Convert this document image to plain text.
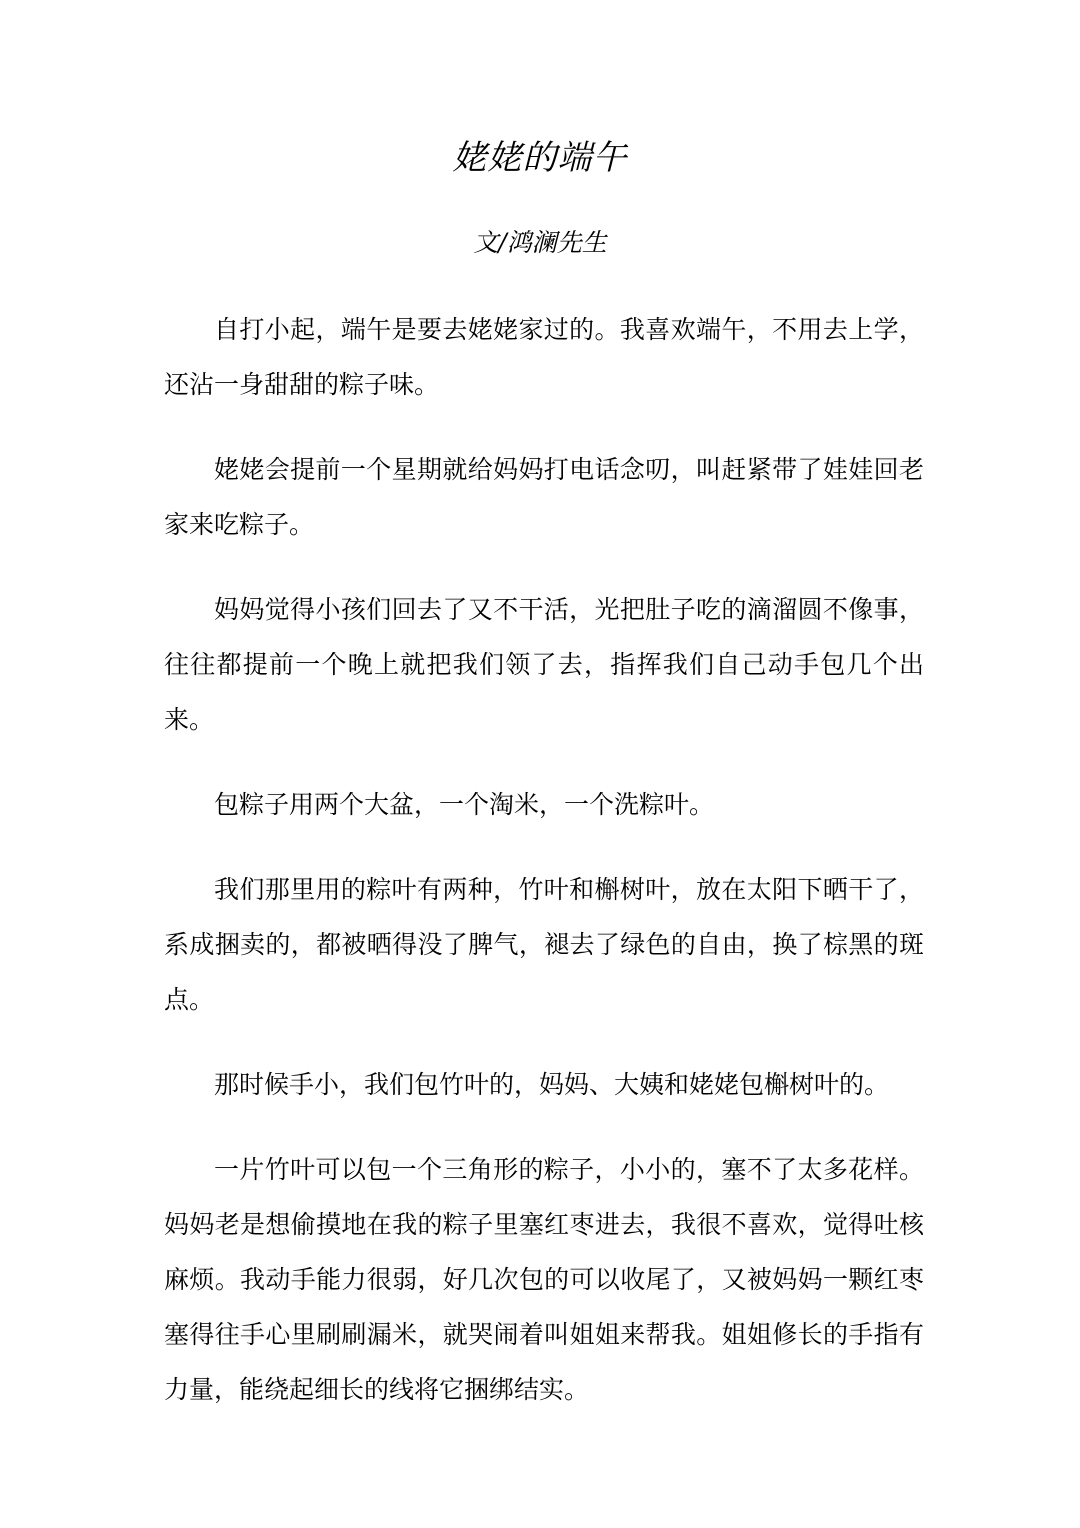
姥姥的端午
文/鸿澜先生

自打小起，端午是要去姥姥家过的。我喜欢端午，不用去上学，还沾一身甜甜的粽子味。

姥姥会提前一个星期就给妈妈打电话念叨，叫赶紧带了娃娃回老家来吃粽子。

妈妈觉得小孩们回去了又不干活，光把肚子吃的滴溜圆不像事，往往都提前一个晚上就把我们领了去，指挥我们自己动手包几个出来。

包粽子用两个大盆，一个淘米，一个洗粽叶。

我们那里用的粽叶有两种，竹叶和槲树叶，放在太阳下晒干了，系成捆卖的，都被晒得没了脾气，褪去了绿色的自由，换了棕黑的斑点。

那时候手小，我们包竹叶的，妈妈、大姨和姥姥包槲树叶的。

一片竹叶可以包一个三角形的粽子，小小的，塞不了太多花样。妈妈老是想偷摸地在我的粽子里塞红枣进去，我很不喜欢，觉得吐核麻烦。我动手能力很弱，好几次包的可以收尾了，又被妈妈一颗红枣塞得往手心里刷刷漏米，就哭闹着叫姐姐来帮我。姐姐修长的手指有力量，能绕起细长的线将它捆绑结实。
